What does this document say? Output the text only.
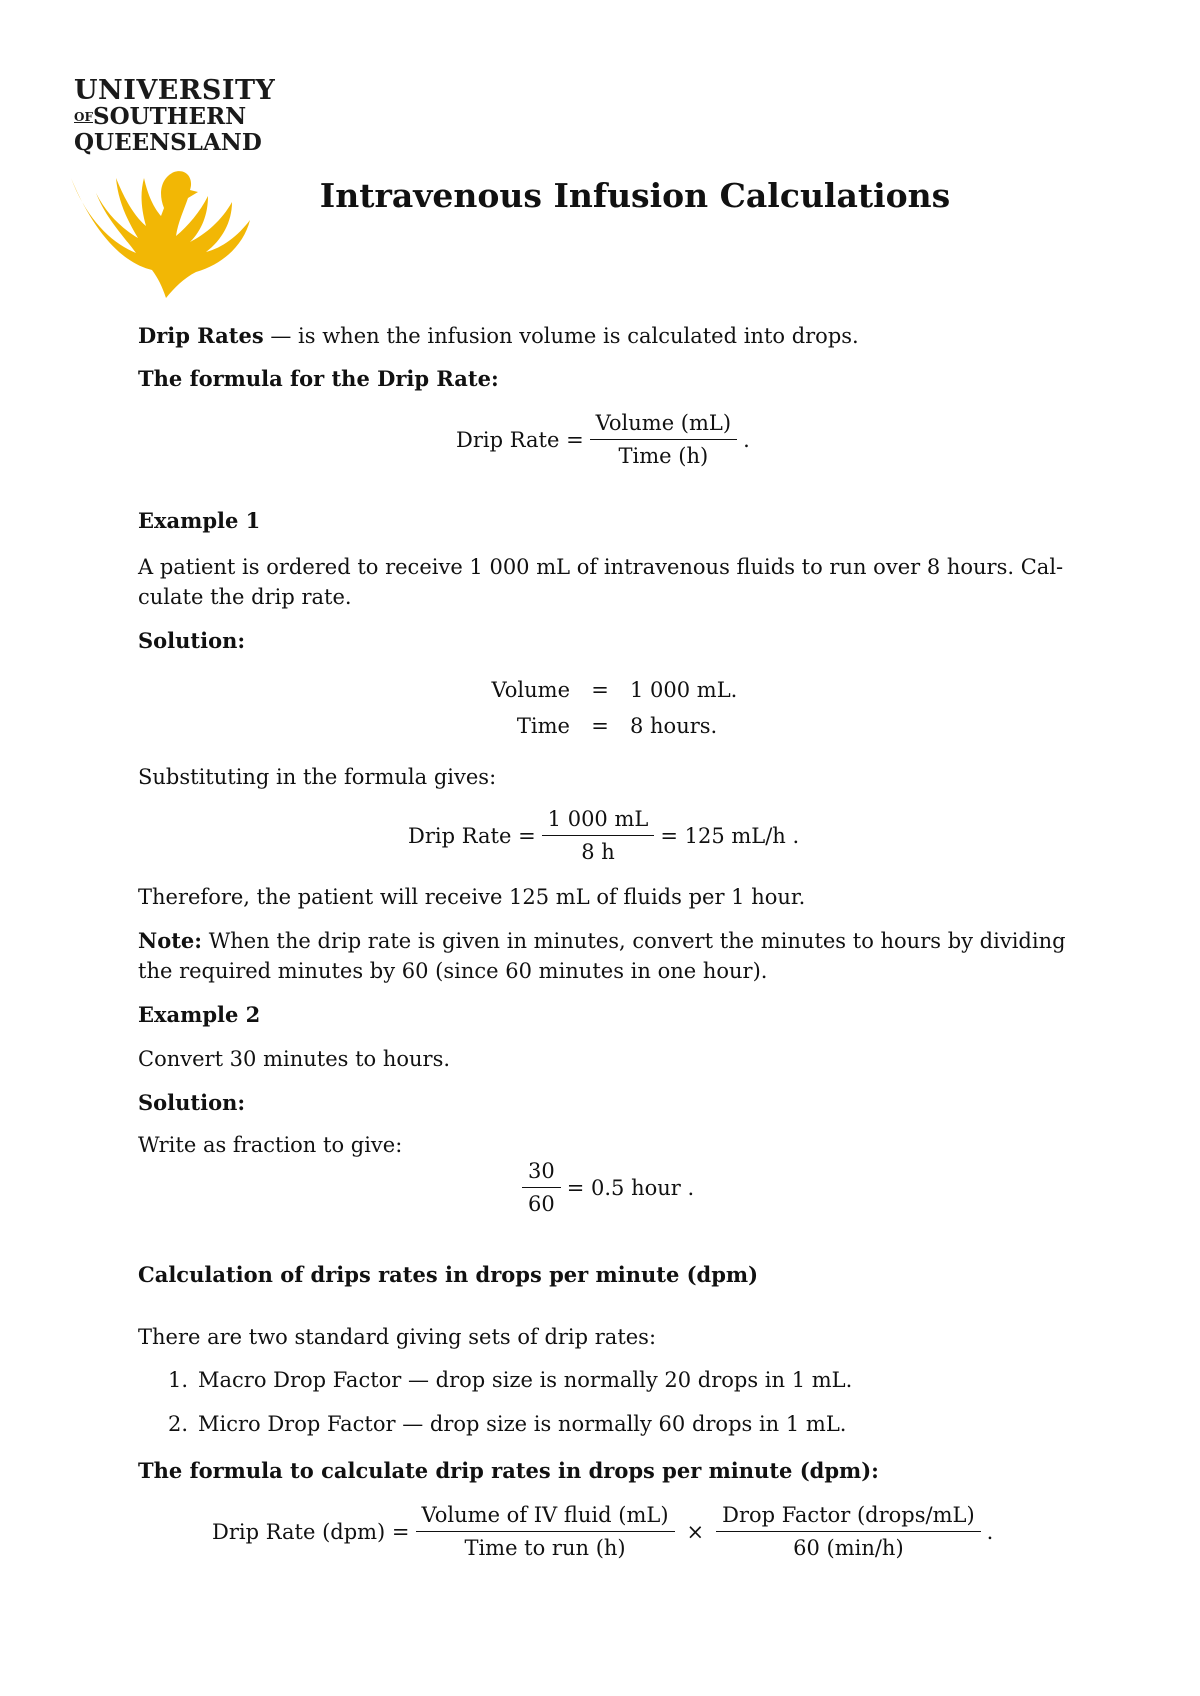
UNIVERSITY
OFSOUTHERN
QUEENSLAND
Intravenous Infusion Calculations

Drip Rates — is when the infusion volume is calculated into drops.

The formula for the Drip Rate:

Drip Rate = $\frac{\text{Volume (mL)}}{\text{Time (h)}}$ .

Example 1

A patient is ordered to receive 1 000 mL of intravenous fluids to run over 8 hours. Cal-
culate the drip rate.

Solution:

Volume	=	1 000 mL.
Time	=	8 hours.

Substituting in the formula gives:

Drip Rate = $\frac{1 000 mL}{8 h} = 125$ mL/h .

Therefore, the patient will receive 125 mL of fluids per 1 hour.

Note: When the drip rate is given in minutes, convert the minutes to hours by dividing
the required minutes by 60 (since 60 minutes in one hour).

Example 2

Convert 30 minutes to hours.

Solution:

Write as fraction to give:

$\frac{30}{60} = 0.5$ hour .

Calculation of drips rates in drops per minute (dpm)

There are two standard giving sets of drip rates:

1. Macro Drop Factor — drop size is normally 20 drops in 1 mL.
2. Micro Drop Factor — drop size is normally 60 drops in 1 mL.

The formula to calculate drip rates in drops per minute (dpm):

Drip Rate $(dpm) = \frac{\text{Volume of IV fluid (mL)}}{\text{Time to run (h)}} \times \frac{\text{Drop Factor (drops/mL)}}{60 (\min/h)}$ .
